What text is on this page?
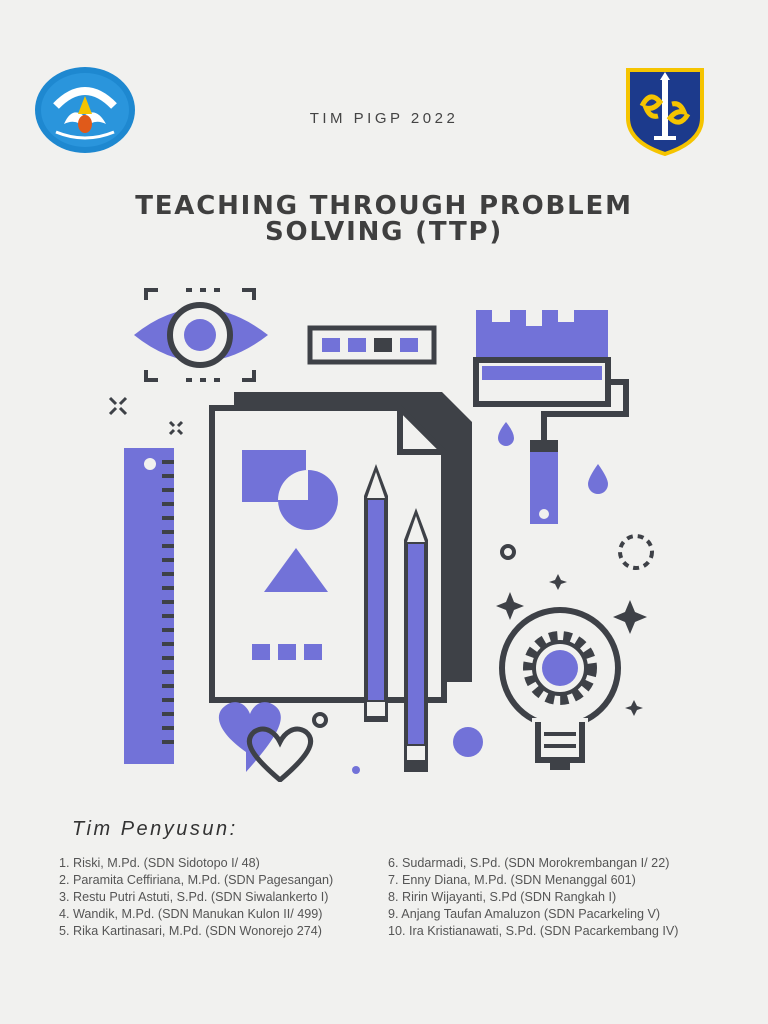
TIM PIGP 2022
TEACHING THROUGH PROBLEM
SOLVING (TTP)
Tim Penyusun:
1. Riski, M.Pd. (SDN Sidotopo I/ 48)
2. Paramita Ceffiriana, M.Pd. (SDN Pagesangan)
3. Restu Putri Astuti, S.Pd. (SDN Siwalankerto I)
4. Wandik, M.Pd. (SDN Manukan Kulon II/ 499)
5. Rika Kartinasari, M.Pd. (SDN Wonorejo 274)
6. Sudarmadi, S.Pd. (SDN Morokrembangan I/ 22)
7. Enny Diana, M.Pd. (SDN Menanggal 601)
8. Ririn Wijayanti, S.Pd (SDN Rangkah I)
9. Anjang Taufan Amaluzon (SDN Pacarkeling V)
10. Ira Kristianawati, S.Pd. (SDN Pacarkembang IV)
